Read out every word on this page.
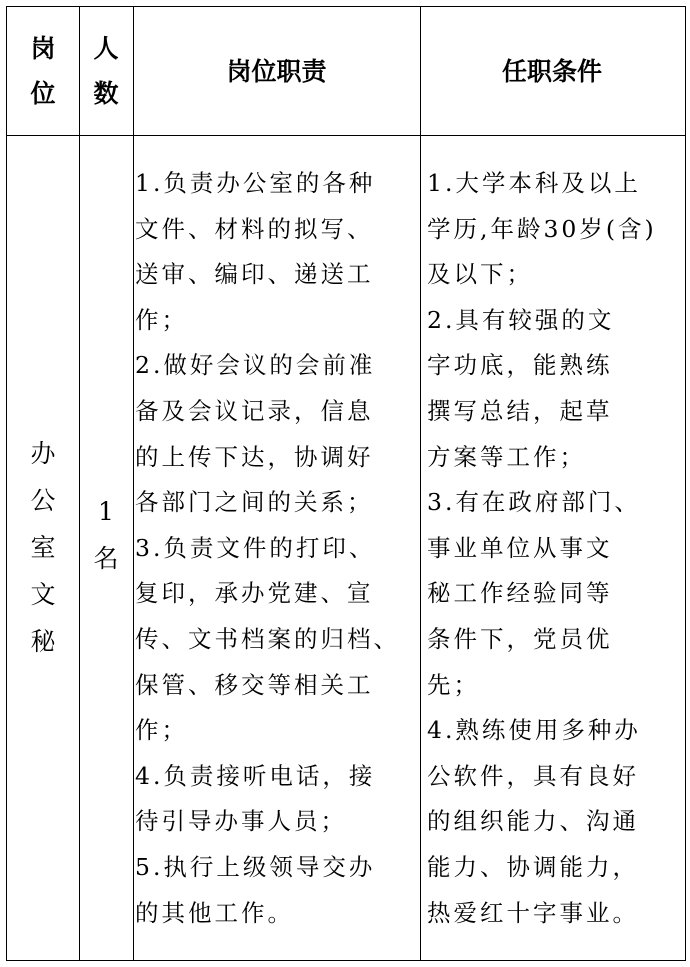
岗
位
人
数
岗位职责	任职条件
办公室文秘
1
名
1.负责办公室的各种
文件、材料的拟写、
送审、编印、递送工
作；
2.做好会议的会前准
备及会议记录，信息
的上传下达，协调好
各部门之间的关系；
3.负责文件的打印、
复印，承办党建、宣
传、文书档案的归档、
保管、移交等相关工
作；
4.负责接听电话，接
待引导办事人员；
5.执行上级领导交办
的其他工作。
1.大学本科及以上
学历,年龄30岁(含)
及以下；
2.具有较强的文
字功底，能熟练
撰写总结，起草
方案等工作；
3.有在政府部门、
事业单位从事文
秘工作经验同等
条件下，党员优
先；
4.熟练使用多种办
公软件，具有良好
的组织能力、沟通
能力、协调能力，
热爱红十字事业。
